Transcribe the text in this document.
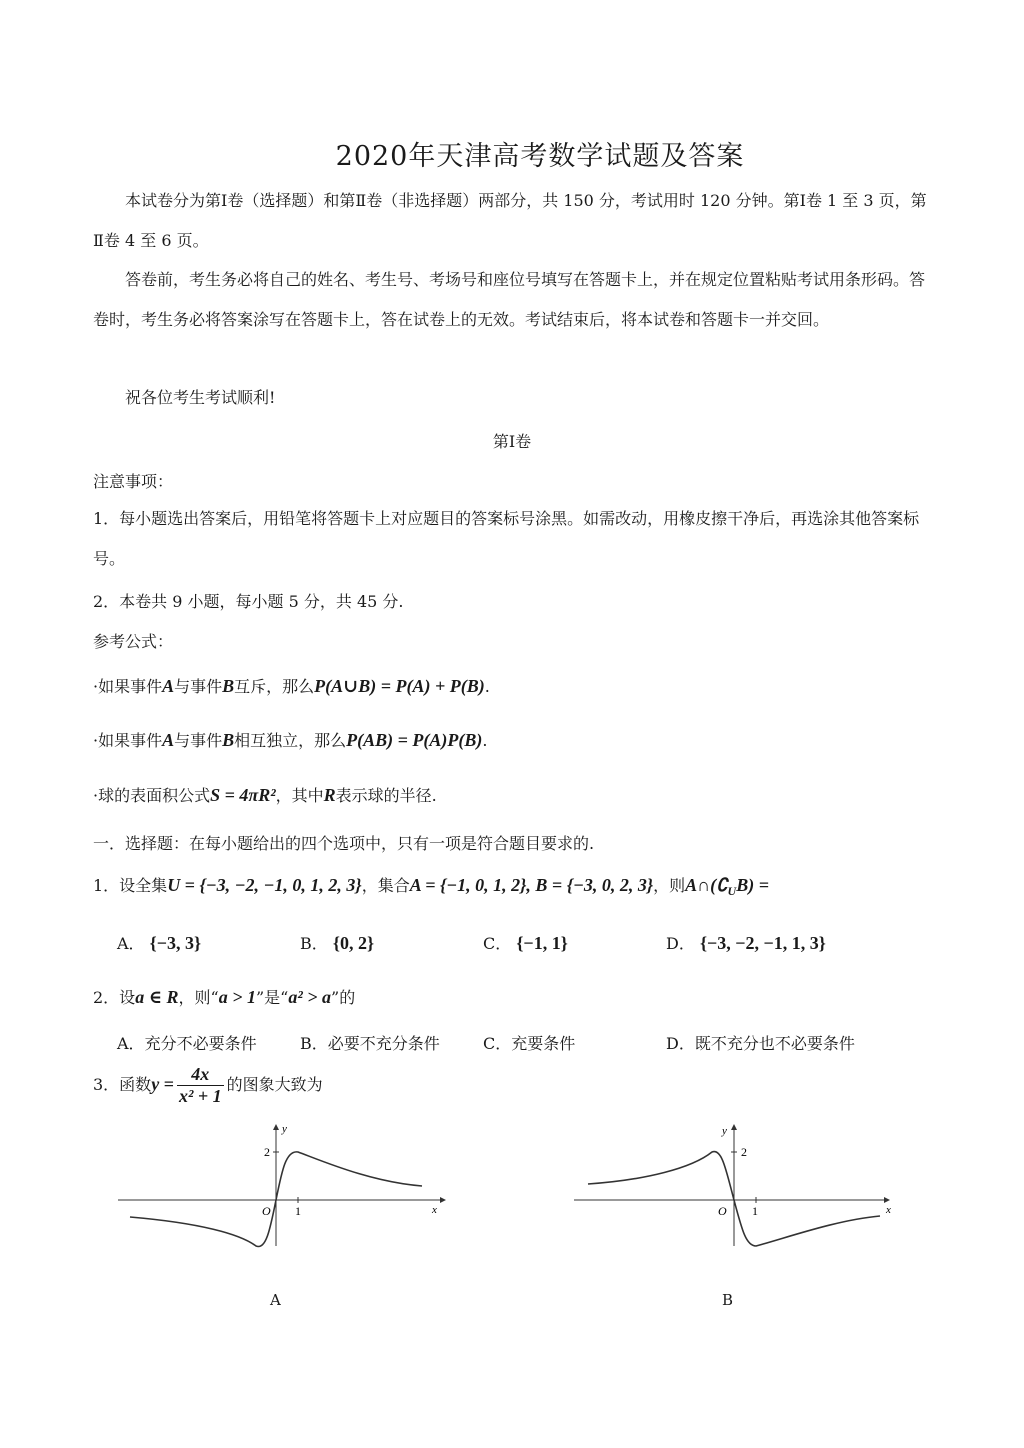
2020年天津高考数学试题及答案

本试卷分为第Ⅰ卷（选择题）和第Ⅱ卷（非选择题）两部分，共 150 分，考试用时 120 分钟。第Ⅰ卷 1 至 3 页，第Ⅱ卷 4 至 6 页。

答卷前，考生务必将自己的姓名、考生号、考场号和座位号填写在答题卡上，并在规定位置粘贴考试用条形码。答卷时，考生务必将答案涂写在答题卡上，答在试卷上的无效。考试结束后，将本试卷和答题卡一并交回。

祝各位考生考试顺利!

第Ⅰ卷
注意事项：

1．每小题选出答案后，用铅笔将答题卡上对应题目的答案标号涂黑。如需改动，用橡皮擦干净后，再选涂其他答案标号。

2．本卷共 9 小题，每小题 5 分，共 45 分.
参考公式：
·如果事件A与事件B互斥，那么P(A∪B) = P(A) + P(B).
·如果事件A与事件B相互独立，那么P(AB) = P(A)P(B).
·球的表面积公式S = 4πR²，其中R表示球的半径.
一．选择题：在每小题给出的四个选项中，只有一项是符合题目要求的.
1．设全集U = {−3, −2, −1, 0, 1, 2, 3}，集合A = {−1, 0, 1, 2}, B = {−3, 0, 2, 3}，则$A\cap(∁_UB)$ =
A． {−3, 3}	B． {0, 2}	C． {−1, 1}	D． {−3, −2, −1, 1, 3}
2．设a ∈ R，则“a > 1”是“a² > a”的
A．充分不必要条件	B．必要不充分条件	C．充要条件	D．既不充分也不必要条件
3．函数$y = \frac{4x}{\text{x² + 1}}$ 的图象大致为
y
x
O 1
2
A
y
x
O 1
2
B
